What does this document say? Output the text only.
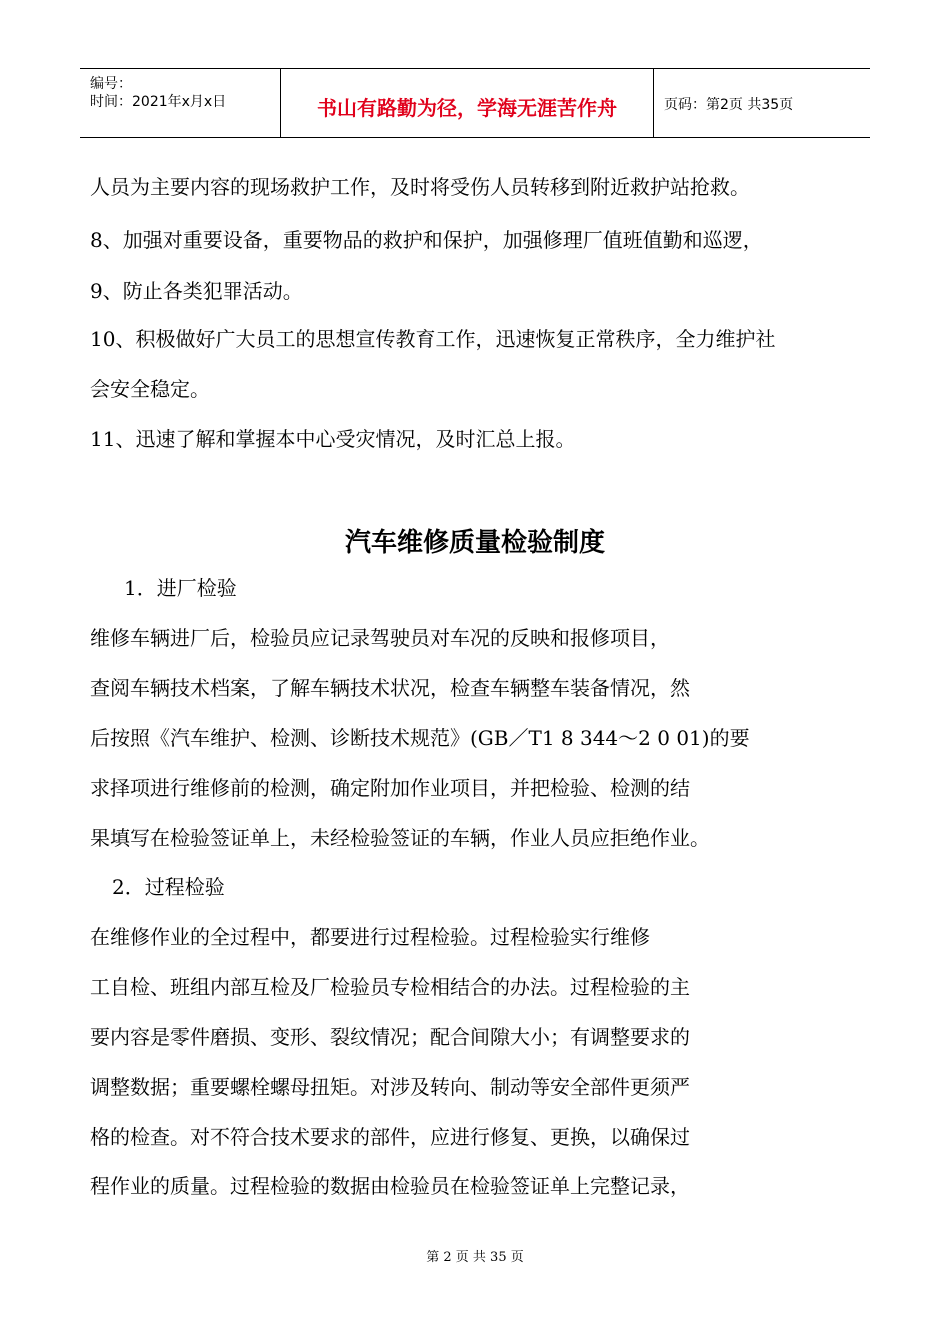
编号：
时间：2021年x月x日	书山有路勤为径，学海无涯苦作舟	页码：第2页 共35页
人员为主要内容的现场救护工作，及时将受伤人员转移到附近救护站抢救。
8、加强对重要设备，重要物品的救护和保护，加强修理厂值班值勤和巡逻，
9、防止各类犯罪活动。
10、积极做好广大员工的思想宣传教育工作，迅速恢复正常秩序，全力维护社
会安全稳定。
11、迅速了解和掌握本中心受灾情况，及时汇总上报。
汽车维修质量检验制度
1．进厂检验
维修车辆进厂后，检验员应记录驾驶员对车况的反映和报修项目，
查阅车辆技术档案，了解车辆技术状况，检查车辆整车装备情况，然
后按照《汽车维护、检测、诊断技术规范》(GB／T1 8 344～2 0 01)的要
求择项进行维修前的检测，确定附加作业项目，并把检验、检测的结
果填写在检验签证单上，未经检验签证的车辆，作业人员应拒绝作业。
2．过程检验
在维修作业的全过程中，都要进行过程检验。过程检验实行维修
工自检、班组内部互检及厂检验员专检相结合的办法。过程检验的主
要内容是零件磨损、变形、裂纹情况；配合间隙大小；有调整要求的
调整数据；重要螺栓螺母扭矩。对涉及转向、制动等安全部件更须严
格的检查。对不符合技术要求的部件，应进行修复、更换，以确保过
程作业的质量。过程检验的数据由检验员在检验签证单上完整记录，
第 2 页 共 35 页
